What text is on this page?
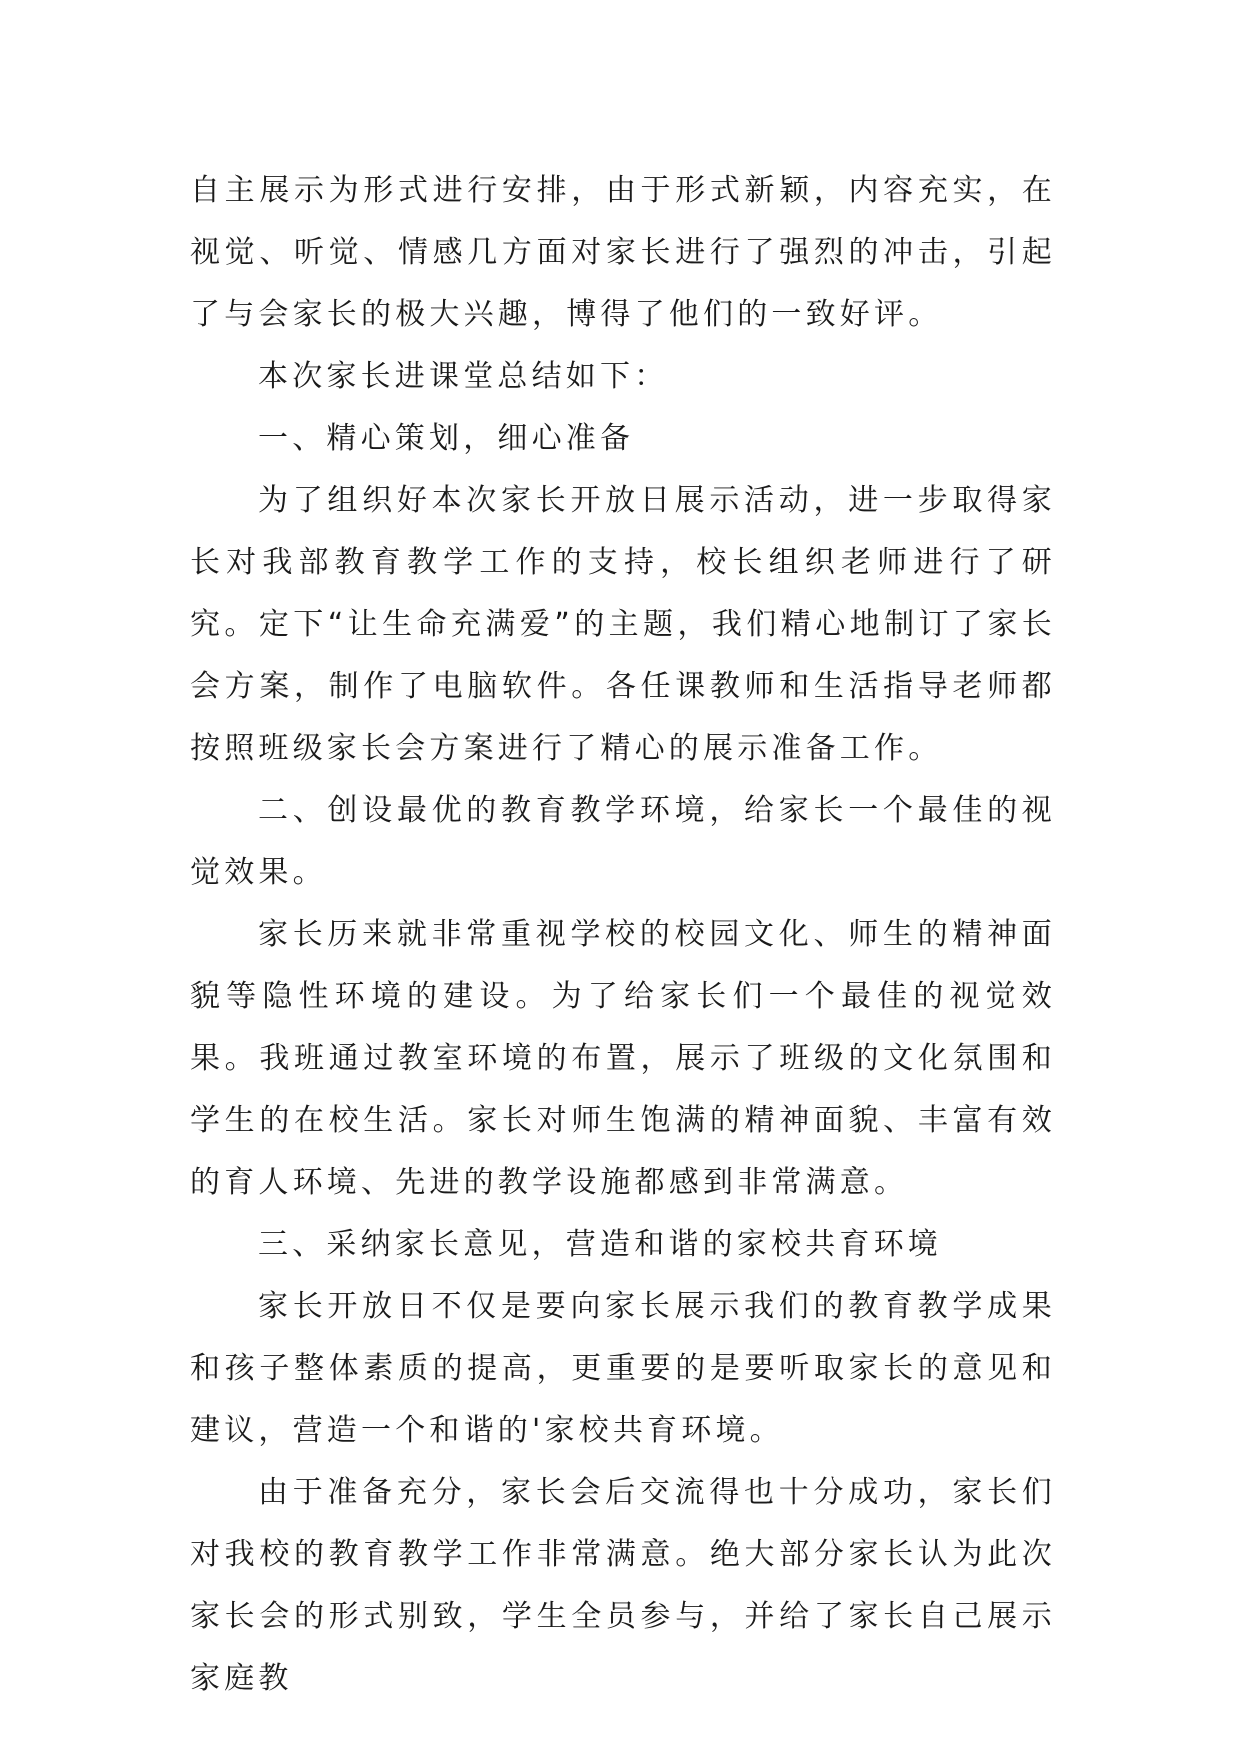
自主展示为形式进行安排，由于形式新颖，内容充实，在视觉、听觉、情感几方面对家长进行了强烈的冲击，引起了与会家长的极大兴趣，博得了他们的一致好评。

本次家长进课堂总结如下：

一、精心策划，细心准备

为了组织好本次家长开放日展示活动，进一步取得家长对我部教育教学工作的支持，校长组织老师进行了研究。定下“让生命充满爱”的主题，我们精心地制订了家长会方案，制作了电脑软件。各任课教师和生活指导老师都按照班级家长会方案进行了精心的展示准备工作。

二、创设最优的教育教学环境，给家长一个最佳的视觉效果。

家长历来就非常重视学校的校园文化、师生的精神面貌等隐性环境的建设。为了给家长们一个最佳的视觉效果。我班通过教室环境的布置，展示了班级的文化氛围和学生的在校生活。家长对师生饱满的精神面貌、丰富有效的育人环境、先进的教学设施都感到非常满意。

三、采纳家长意见，营造和谐的家校共育环境

家长开放日不仅是要向家长展示我们的教育教学成果和孩子整体素质的提高，更重要的是要听取家长的意见和建议，营造一个和谐的'家校共育环境。

由于准备充分，家长会后交流得也十分成功，家长们对我校的教育教学工作非常满意。绝大部分家长认为此次家长会的形式别致，学生全员参与，并给了家长自己展示家庭教
